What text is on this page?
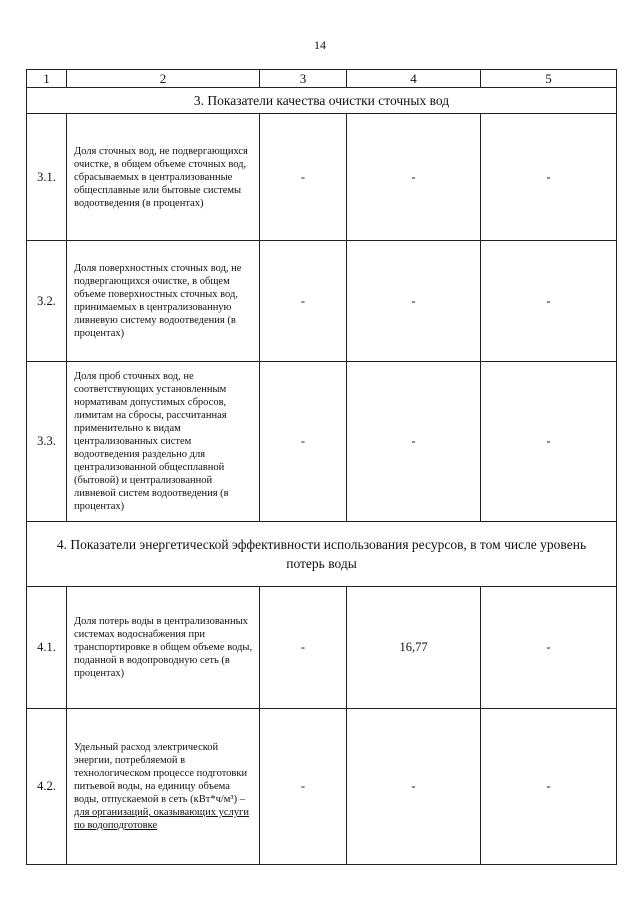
14
1	2	3	4	5
3. Показатели качества очистки сточных вод				
3.1.	Доля сточных вод, не подвергающихся очистке, в общем объеме сточных вод, сбрасываемых в централизованные общесплавные или бытовые системы водоотведения (в процентах)	-	-	-
3.2.	Доля поверхностных сточных вод, не подвергающихся очистке, в общем объеме поверхностных сточных вод, принимаемых в централизованную ливневую систему водоотведения (в процентах)	-	-	-
3.3.	Доля проб сточных вод, не соответствующих установленным нормативам допустимых сбросов, лимитам на сбросы, рассчитанная применительно к видам централизованных систем водоотведения раздельно для централизованной общесплавной (бытовой) и централизованной ливневой систем водоотведения (в процентах)	-	-	-
4. Показатели энергетической эффективности использования ресурсов, в том числе уровень потерь воды				
4.1.	Доля потерь воды в централизованных системах водоснабжения при транспортировке в общем объеме воды, поданной в водопроводную сеть (в процентах)	-	16,77	-
4.2.	Удельный расход электрической энергии, потребляемой в технологическом процессе подготовки питьевой воды, на единицу объема воды, отпускаемой в сеть (кВт*ч/м³) – для организаций, оказывающих услуги по водоподготовке	-	-	-
